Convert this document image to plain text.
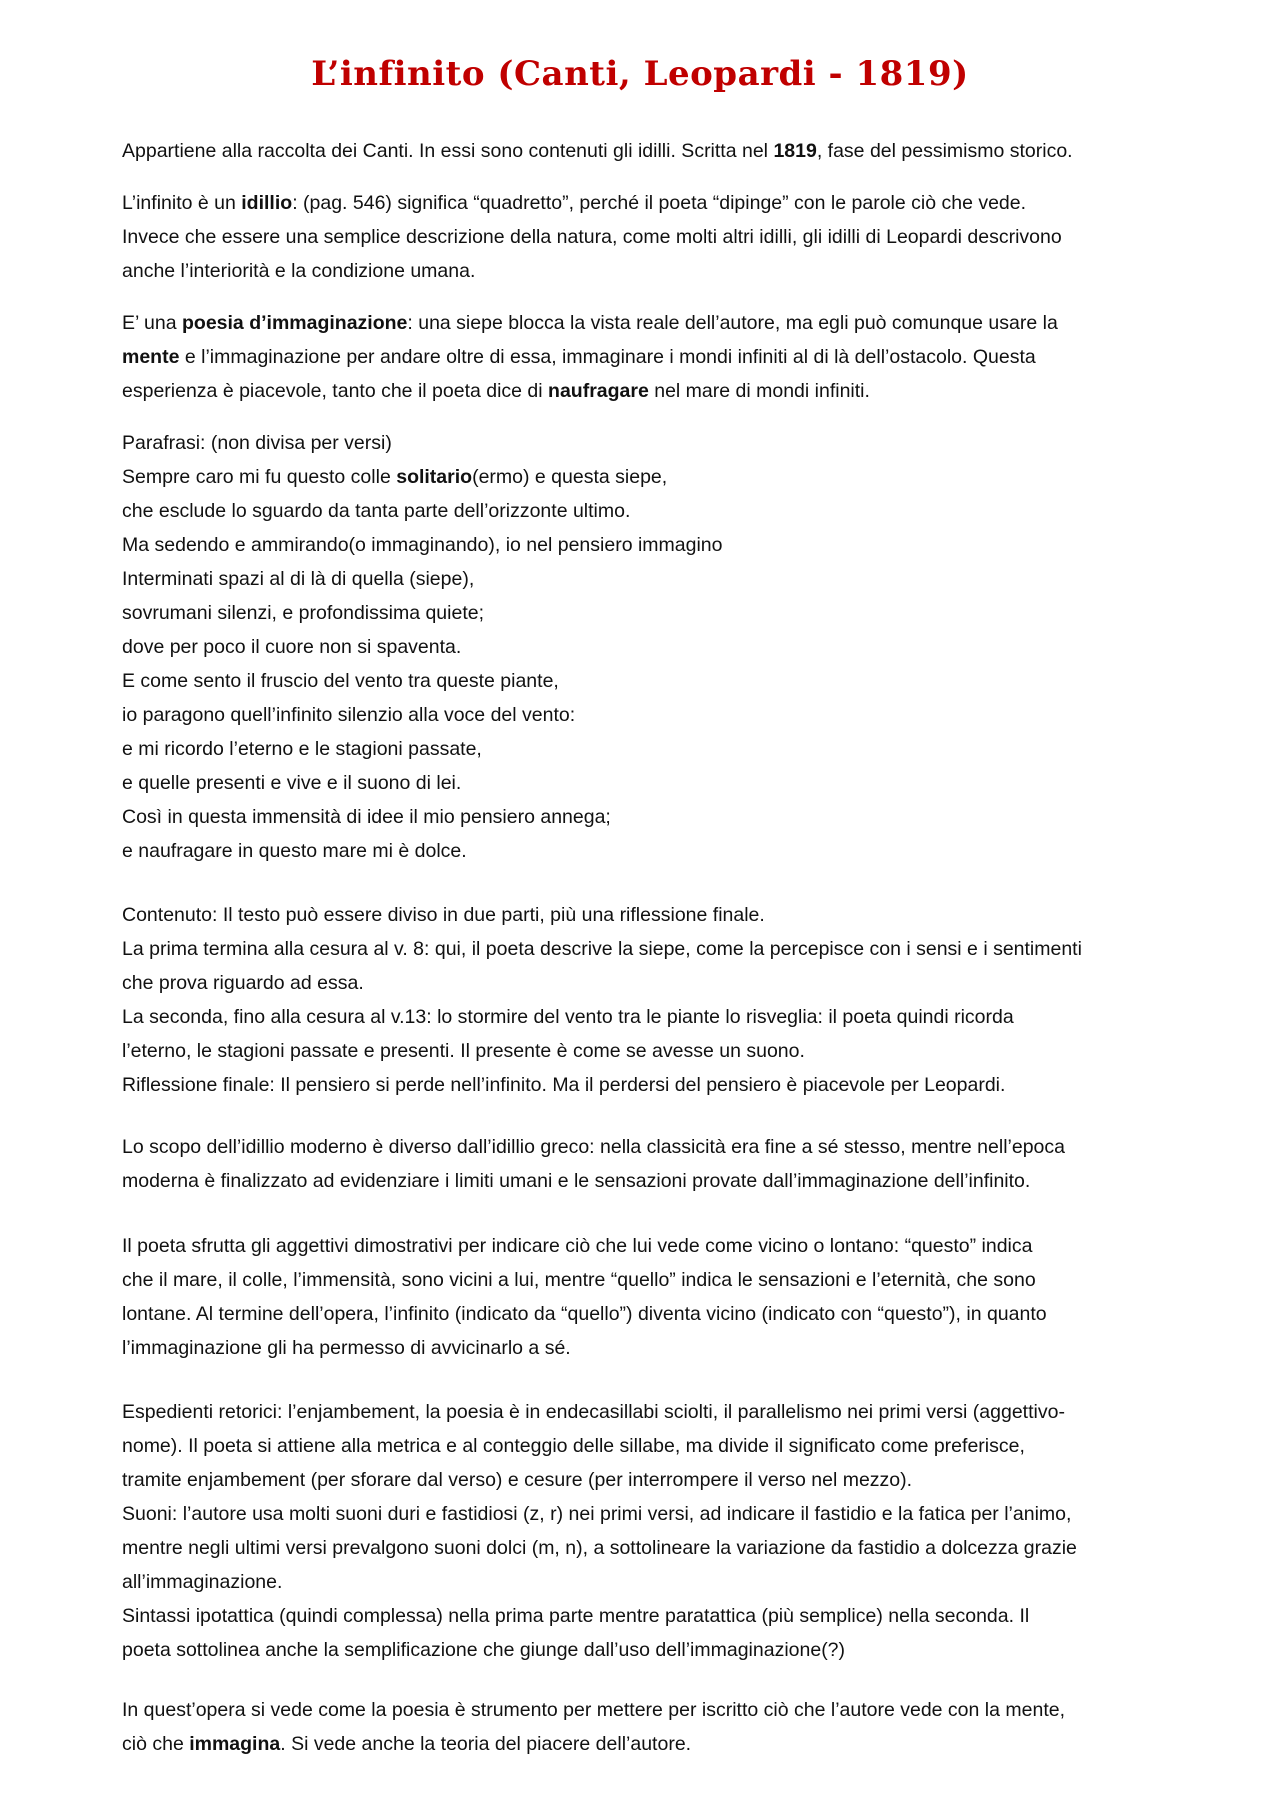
L’infinito (Canti, Leopardi - 1819)

Appartiene alla raccolta dei Canti. In essi sono contenuti gli idilli. Scritta nel 1819, fase del pessimismo storico.

L’infinito è un idillio: (pag. 546) significa “quadretto”, perché il poeta “dipinge” con le parole ciò che vede.
Invece che essere una semplice descrizione della natura, come molti altri idilli, gli idilli di Leopardi descrivono
anche l’interiorità e la condizione umana.

E’ una poesia d’immaginazione: una siepe blocca la vista reale dell’autore, ma egli può comunque usare la
mente e l’immaginazione per andare oltre di essa, immaginare i mondi infiniti al di là dell’ostacolo. Questa
esperienza è piacevole, tanto che il poeta dice di naufragare nel mare di mondi infiniti.

Parafrasi: (non divisa per versi)
Sempre caro mi fu questo colle solitario(ermo) e questa siepe,
che esclude lo sguardo da tanta parte dell’orizzonte ultimo.
Ma sedendo e ammirando(o immaginando), io nel pensiero immagino
Interminati spazi al di là di quella (siepe),
sovrumani silenzi, e profondissima quiete;
dove per poco il cuore non si spaventa.
E come sento il fruscio del vento tra queste piante,
io paragono quell’infinito silenzio alla voce del vento:
e mi ricordo l’eterno e le stagioni passate,
e quelle presenti e vive e il suono di lei.
Così in questa immensità di idee il mio pensiero annega;
e naufragare in questo mare mi è dolce.

Contenuto: Il testo può essere diviso in due parti, più una riflessione finale.
La prima termina alla cesura al v. 8: qui, il poeta descrive la siepe, come la percepisce con i sensi e i sentimenti
che prova riguardo ad essa.
La seconda, fino alla cesura al v.13: lo stormire del vento tra le piante lo risveglia: il poeta quindi ricorda
l’eterno, le stagioni passate e presenti. Il presente è come se avesse un suono.
Riflessione finale: Il pensiero si perde nell’infinito. Ma il perdersi del pensiero è piacevole per Leopardi.

Lo scopo dell’idillio moderno è diverso dall’idillio greco: nella classicità era fine a sé stesso, mentre nell’epoca
moderna è finalizzato ad evidenziare i limiti umani e le sensazioni provate dall’immaginazione dell’infinito.

Il poeta sfrutta gli aggettivi dimostrativi per indicare ciò che lui vede come vicino o lontano: “questo” indica
che il mare, il colle, l’immensità, sono vicini a lui, mentre “quello” indica le sensazioni e l’eternità, che sono
lontane. Al termine dell’opera, l’infinito (indicato da “quello”) diventa vicino (indicato con “questo”), in quanto
l’immaginazione gli ha permesso di avvicinarlo a sé.

Espedienti retorici: l’enjambement, la poesia è in endecasillabi sciolti, il parallelismo nei primi versi (aggettivo-
nome). Il poeta si attiene alla metrica e al conteggio delle sillabe, ma divide il significato come preferisce,
tramite enjambement (per sforare dal verso) e cesure (per interrompere il verso nel mezzo).
Suoni: l’autore usa molti suoni duri e fastidiosi (z, r) nei primi versi, ad indicare il fastidio e la fatica per l’animo,
mentre negli ultimi versi prevalgono suoni dolci (m, n), a sottolineare la variazione da fastidio a dolcezza grazie
all’immaginazione.
Sintassi ipotattica (quindi complessa) nella prima parte mentre paratattica (più semplice) nella seconda. Il
poeta sottolinea anche la semplificazione che giunge dall’uso dell’immaginazione(?)

In quest’opera si vede come la poesia è strumento per mettere per iscritto ciò che l’autore vede con la mente,
ciò che immagina. Si vede anche la teoria del piacere dell’autore.
